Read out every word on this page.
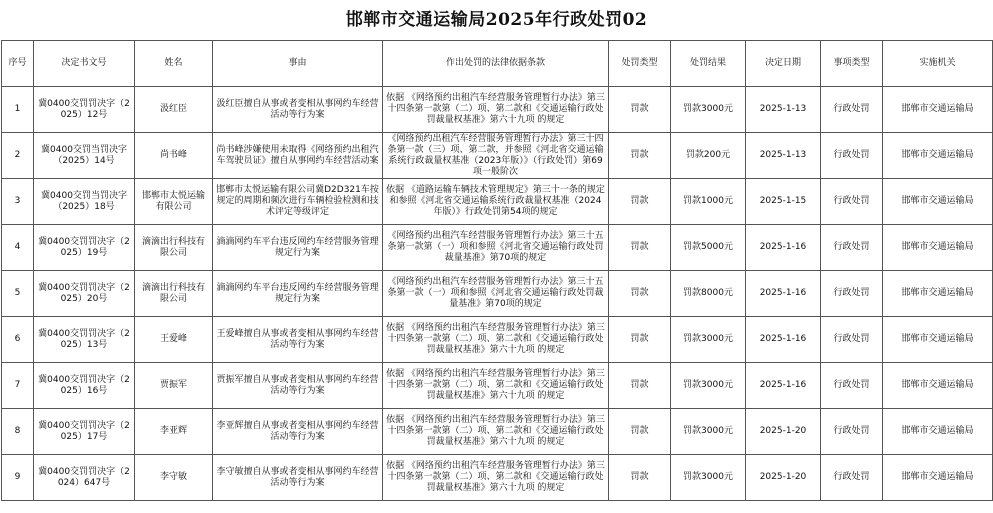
邯郸市交通运输局2025年行政处罚02
序号	决定书文号	姓名	事由	作出处罚的法律依据条款	处罚类型	处罚结果	决定日期	事项类型	实施机关
1	冀0400交罚罚决字（2025）12号	汲红臣	汲红臣擅自从事或者变相从事网约车经营活动等行为案	依据 《网络预约出租汽车经营服务管理暂行办法》第三十四条第一款第（二）项、第二款和《交通运输行政处罚裁量权基准》第六十九项 的规定	罚款	罚款3000元	2025-1-13	行政处罚	邯郸市交通运输局
2	冀0400交罚当罚决字（2025）14号	尚书峰	尚书峰涉嫌使用未取得《网络预约出租汽车驾驶员证》擅自从事网约车经营活动案	《网络预约出租汽车经营服务管理暂行办法》第三十四条第一款（三）项、第二款，并参照《河北省交通运输系统行政裁量权基准（2023年版）》（行政处罚）第69项一般阶次	罚款	罚款200元	2025-1-13	行政处罚	邯郸市交通运输局
3	冀0400交罚当罚决字（2025）18号	邯郸市太悦运输有限公司	邯郸市太悦运输有限公司冀D2D321车按规定的周期和频次进行车辆检验检测和技术评定等级评定	依据 《道路运输车辆技术管理规定》第三十一条的规定和参照《河北省交通运输系统行政裁量权基准（2024年版）》行政处罚第54项的规定	罚款	罚款1000元	2025-1-15	行政处罚	邯郸市交通运输局
4	冀0400交罚罚决字（2025）19号	滴滴出行科技有限公司	滴滴网约车平台违反网约车经营服务管理规定行为案	《网络预约出租汽车经营服务管理暂行办法》第三十五条第一款第（一）项和参照《河北省交通运输行政处罚裁量基准》第70项的规定	罚款	罚款5000元	2025-1-16	行政处罚	邯郸市交通运输局
5	冀0400交罚罚决字（2025）20号	滴滴出行科技有限公司	滴滴网约车平台违反网约车经营服务管理规定行为案	《网络预约出租汽车经营服务管理暂行办法》第三十五条第一款（一）项和参照《河北省交通运输行政处罚裁量基准》第70项的规定	罚款	罚款8000元	2025-1-16	行政处罚	邯郸市交通运输局
6	冀0400交罚罚决字（2025）13号	王爱峰	王爱峰擅自从事或者变相从事网约车经营活动等行为案	依据 《网络预约出租汽车经营服务管理暂行办法》第三十四条第一款第（二）项、第二款和《交通运输行政处罚裁量权基准》第六十九项 的规定	罚款	罚款3000元	2025-1-16	行政处罚	邯郸市交通运输局
7	冀0400交罚罚决字（2025）16号	贾振军	贾振军擅自从事或者变相从事网约车经营活动等行为案	依据 《网络预约出租汽车经营服务管理暂行办法》第三十四条第一款第（二）项、第二款和《交通运输行政处罚裁量权基准》第六十九项 的规定	罚款	罚款3000元	2025-1-16	行政处罚	邯郸市交通运输局
8	冀0400交罚罚决字（2025）17号	李亚辉	李亚辉擅自从事或者变相从事网约车经营活动等行为案	依据 《网络预约出租汽车经营服务管理暂行办法》第三十四条第一款第（二）项、第二款和《交通运输行政处罚裁量权基准》第六十九项 的规定	罚款	罚款3000元	2025-1-20	行政处罚	邯郸市交通运输局
9	冀0400交罚罚决字（2024）647号	李守敏	李守敏擅自从事或者变相从事网约车经营活动等行为案	依据 《网络预约出租汽车经营服务管理暂行办法》第三十四条第一款第（二）项、第二款和《交通运输行政处罚裁量权基准》第六十九项 的规定	罚款	罚款3000元	2025-1-20	行政处罚	邯郸市交通运输局
